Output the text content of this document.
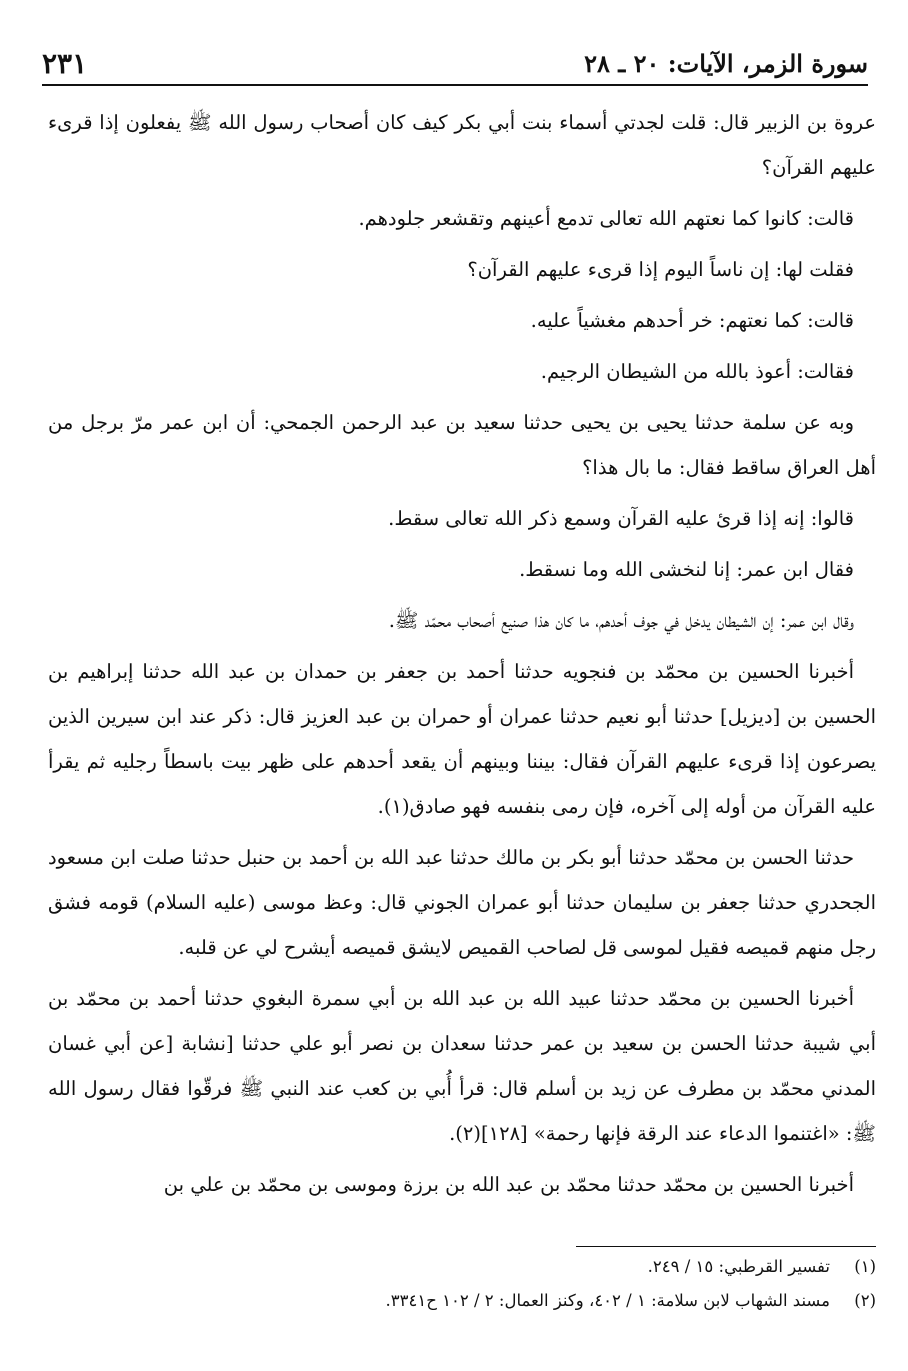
سورة الزمر، الآيات: ٢٠ ـ ٢٨
٢٣١

عروة بن الزبير قال: قلت لجدتي أسماء بنت أبي بكر كيف كان أصحاب رسول الله ﷺ يفعلون إذا قرىء عليهم القرآن؟

قالت: كانوا كما نعتهم الله تعالى تدمع أعينهم وتقشعر جلودهم.

فقلت لها: إن ناساً اليوم إذا قرىء عليهم القرآن؟

قالت: كما نعتهم: خر أحدهم مغشياً عليه.

فقالت: أعوذ بالله من الشيطان الرجيم.

وبه عن سلمة حدثنا يحيى بن يحيى حدثنا سعيد بن عبد الرحمن الجمحي: أن ابن عمر مرّ برجل من أهل العراق ساقط فقال: ما بال هذا؟

قالوا: إنه إذا قرئ عليه القرآن وسمع ذكر الله تعالى سقط.

فقال ابن عمر: إنا لنخشى الله وما نسقط.

وقال ابن عمر: إن الشيطان يدخل في جوف أحدهم، ما كان هذا صنيع أصحاب محمّد ﷺ.

أخبرنا الحسين بن محمّد بن فنجويه حدثنا أحمد بن جعفر بن حمدان بن عبد الله حدثنا إبراهيم بن الحسين بن [ديزيل] حدثنا أبو نعيم حدثنا عمران أو حمران بن عبد العزيز قال: ذكر عند ابن سيرين الذين يصرعون إذا قرىء عليهم القرآن فقال: بيننا وبينهم أن يقعد أحدهم على ظهر بيت باسطاً رجليه ثم يقرأ عليه القرآن من أوله إلى آخره، فإن رمى بنفسه فهو صادق(١).

حدثنا الحسن بن محمّد حدثنا أبو بكر بن مالك حدثنا عبد الله بن أحمد بن حنبل حدثنا صلت ابن مسعود الجحدري حدثنا جعفر بن سليمان حدثنا أبو عمران الجوني قال: وعظ موسى (عليه السلام) قومه فشق رجل منهم قميصه فقيل لموسى قل لصاحب القميص لايشق قميصه أيشرح لي عن قلبه.

أخبرنا الحسين بن محمّد حدثنا عبيد الله بن عبد الله بن أبي سمرة البغوي حدثنا أحمد بن محمّد بن أبي شيبة حدثنا الحسن بن سعيد بن عمر حدثنا سعدان بن نصر أبو علي حدثنا [نشابة [عن أبي غسان المدني محمّد بن مطرف عن زيد بن أسلم قال: قرأ أُبي بن كعب عند النبي ﷺ فرقّوا فقال رسول الله ﷺ: «اغتنموا الدعاء عند الرقة فإنها رحمة» [١٢٨](٢).

أخبرنا الحسين بن محمّد حدثنا محمّد بن عبد الله بن برزة وموسى بن محمّد بن علي بن

(١)
تفسير القرطبي: ١٥ / ٢٤٩.
(٢)
مسند الشهاب لابن سلامة: ١ / ٤٠٢، وكنز العمال: ٢ / ١٠٢ ح٣٣٤١.
